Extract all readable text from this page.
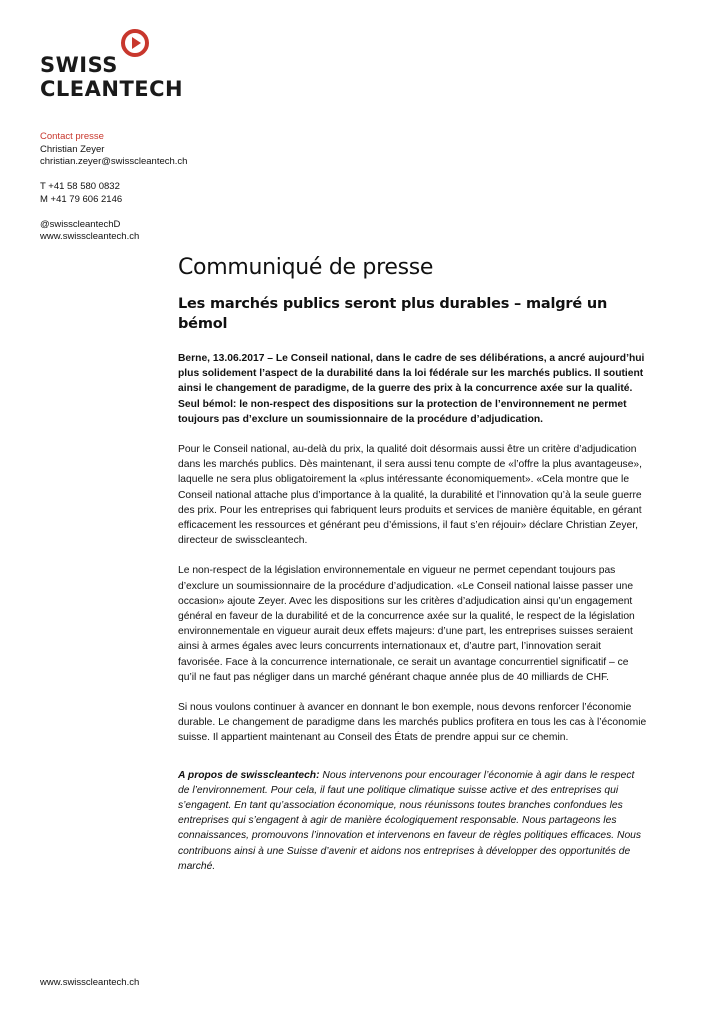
SWISS
CLEANTECH
Contact presse
Christian Zeyer
christian.zeyer@swisscleantech.ch
T +41 58 580 0832
M +41 79 606 2146
@swisscleantechD
www.swisscleantech.ch
Communiqué de presse
Les marchés publics seront plus durables – malgré un bémol

Berne, 13.06.2017 – Le Conseil national, dans le cadre de ses délibérations, a ancré aujourd’hui plus solidement l’aspect de la durabilité dans la loi fédérale sur les marchés publics. Il soutient ainsi le changement de paradigme, de la guerre des prix à la concurrence axée sur la qualité. Seul bémol: le non-respect des dispositions sur la protection de l’environnement ne permet toujours pas d’exclure un soumissionnaire de la procédure d’adjudication.

Pour le Conseil national, au-delà du prix, la qualité doit désormais aussi être un critère d’adjudication dans les marchés publics. Dès maintenant, il sera aussi tenu compte de «l’offre la plus avantageuse», laquelle ne sera plus obligatoirement la «plus intéressante économiquement». «Cela montre que le Conseil national attache plus d’importance à la qualité, la durabilité et l’innovation qu’à la seule guerre des prix. Pour les entreprises qui fabriquent leurs produits et services de manière équitable, en gérant efficacement les ressources et générant peu d’émissions, il faut s’en réjouir» déclare Christian Zeyer, directeur de swisscleantech.

Le non-respect de la législation environnementale en vigueur ne permet cependant toujours pas d’exclure un soumissionnaire de la procédure d’adjudication. «Le Conseil national laisse passer une occasion» ajoute Zeyer. Avec les dispositions sur les critères d’adjudication ainsi qu’un engagement général en faveur de la durabilité et de la concurrence axée sur la qualité, le respect de la législation environnementale en vigueur aurait deux effets majeurs: d’une part, les entreprises suisses seraient ainsi à armes égales avec leurs concurrents internationaux et, d’autre part, l’innovation serait favorisée. Face à la concurrence internationale, ce serait un avantage concurrentiel significatif – ce qu’il ne faut pas négliger dans un marché générant chaque année plus de 40 milliards de CHF.

Si nous voulons continuer à avancer en donnant le bon exemple, nous devons renforcer l’économie durable. Le changement de paradigme dans les marchés publics profitera en tous les cas à l’économie suisse. Il appartient maintenant au Conseil des États de prendre appui sur ce chemin.

A propos de swisscleantech: Nous intervenons pour encourager l’économie à agir dans le respect de l’environnement. Pour cela, il faut une politique climatique suisse active et des entreprises qui s’engagent. En tant qu’association économique, nous réunissons toutes branches confondues les entreprises qui s’engagent à agir de manière écologiquement responsable. Nous partageons les connaissances, promouvons l’innovation et intervenons en faveur de règles politiques efficaces. Nous contribuons ainsi à une Suisse d’avenir et aidons nos entreprises à développer des opportunités de marché.

www.swisscleantech.ch
